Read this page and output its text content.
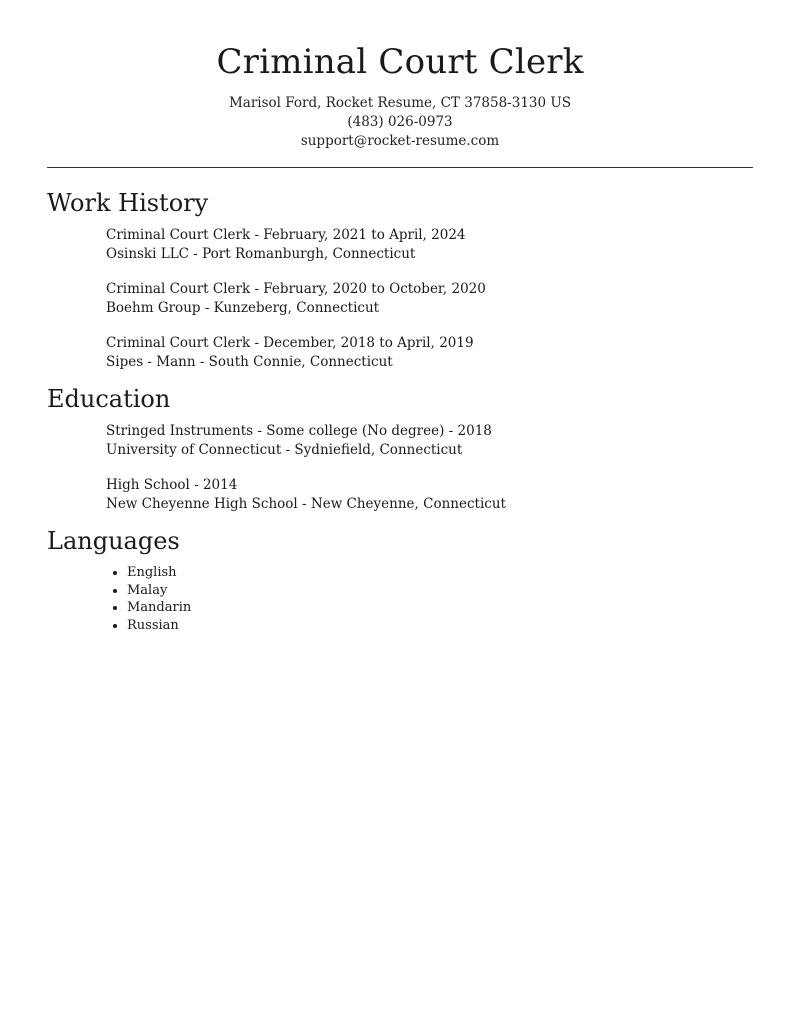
Criminal Court Clerk
Marisol Ford, Rocket Resume, CT 37858-3130 US
(483) 026-0973
support@rocket-resume.com
Work History
Criminal Court Clerk - February, 2021 to April, 2024
Osinski LLC - Port Romanburgh, Connecticut
Criminal Court Clerk - February, 2020 to October, 2020
Boehm Group - Kunzeberg, Connecticut
Criminal Court Clerk - December, 2018 to April, 2019
Sipes - Mann - South Connie, Connecticut
Education
Stringed Instruments - Some college (No degree) - 2018
University of Connecticut - Sydniefield, Connecticut
High School - 2014
New Cheyenne High School - New Cheyenne, Connecticut
Languages
• English
• Malay
• Mandarin
• Russian
